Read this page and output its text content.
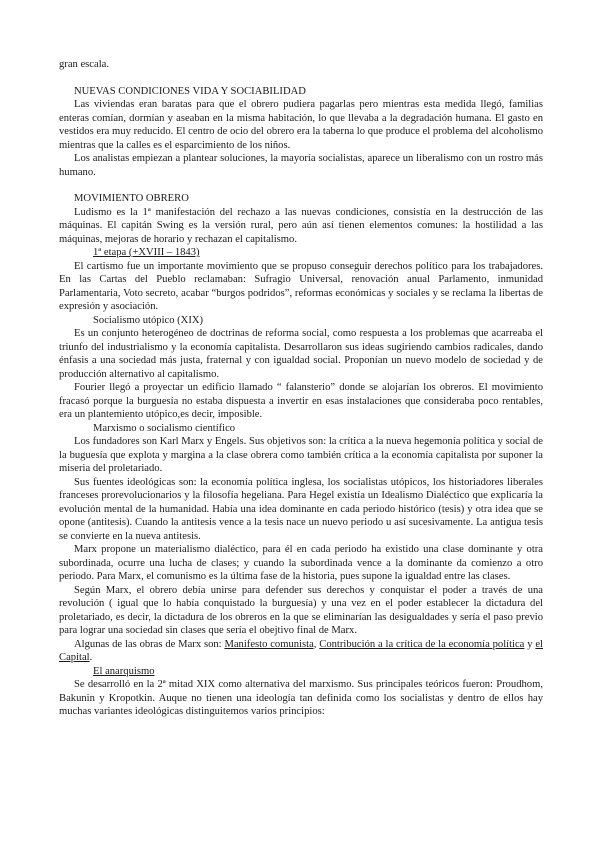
gran escala.

NUEVAS CONDICIONES VIDA Y SOCIABILIDAD

Las viviendas eran baratas para que el obrero pudiera pagarlas pero mientras esta medida llegó, familias enteras comían, dormían y aseaban en la misma habitación, lo que llevaba a la degradación humana. El gasto en vestidos era muy reducido. El centro de ocio del obrero era la taberna lo que produce el problema del alcoholismo mientras que la calles es el esparcimiento de los niños.

Los analistas empiezan a plantear soluciones, la mayoría socialistas, aparece un liberalismo con un rostro más humano.

MOVIMIENTO OBRERO

Ludismo es la 1ª manifestación del rechazo a las nuevas condiciones, consistía en la destrucción de las máquinas. El capitán Swing es la versión rural, pero aún así tienen elementos comunes: la hostilidad a las máquinas, mejoras de horario y rechazan el capitalismo.

1ª etapa (+XVIII – 1843)

El cartismo fue un importante movimiento que se propuso conseguir derechos político para los trabajadores. En las Cartas del Pueblo reclamaban: Sufragio Universal, renovación anual Parlamento, inmunidad Parlamentaria, Voto secreto, acabar “burgos podridos”, reformas económicas y sociales y se reclama la libertas de expresión y asociación.

Socialismo utópico (XIX)

Es un conjunto heterogéneo de doctrinas de reforma social, como respuesta a los problemas que acarreaba el triunfo del industrialismo y la economía capitalista. Desarrollaron sus ideas sugiriendo cambios radicales, dando énfasis a una sociedad más justa, fraternal y con igualdad social. Proponían un nuevo modelo de sociedad y de producción alternativo al capitalismo.

Fourier llegó a proyectar un edificio llamado “ falansterio” donde se alojarían los obreros. El movimiento fracasó porque la burguesía no estaba dispuesta a invertir en esas instalaciones que consideraba poco rentables, era un plantemiento utópico,es decir, imposible.

Marxismo o socialismo científico

Los fundadores son Karl Marx y Engels. Sus objetivos son: la crítica a la nueva hegemonía política y social de la buguesía que explota y margina a la clase obrera como también crítica a la economía capitalista por suponer la miseria del proletariado.

Sus fuentes ideológicas son: la economía política inglesa, los socialistas utópicos, los historiadores liberales franceses prorevolucionarios y la filosofía hegeliana. Para Hegel existía un Idealismo Dialéctico que explicaría la evolución mental de la humanidad. Había una idea dominante en cada periodo histórico (tesis) y otra idea que se opone (antitesis). Cuando la antitesis vence a la tesis nace un nuevo periodo u así sucesivamente. La antigua tesis se convierte en la nueva antitesis.

Marx propone un materialismo dialéctico, para él en cada periodo ha existido una clase dominante y otra subordinada, ocurre una lucha de clases; y cuando la subordinada vence a la dominante da comienzo a otro periodo. Para Marx, el comunismo es la última fase de la historia, pues supone la igualdad entre las clases.

Según Marx, el obrero debía unirse para defender sus derechos y conquistar el poder a través de una revolución ( igual que lo había conquistado la burguesía) y una vez en el poder establecer la dictadura del proletariado, es decir, la dictadura de los obreros en la que se eliminarían las desigualdades y sería el paso previo para lograr una sociedad sin clases que sería el obejtivo final de Marx.

Algunas de las obras de Marx son: Manifesto comunista, Contribución a la crítica de la economía política y el Capital.

El anarquismo

Se desarrolló en la 2ª mitad XIX como alternativa del marxismo. Sus principales teóricos fueron: Proudhom, Bakunin y Kropotkin. Auque no tienen una ideología tan definida como los socialistas y dentro de ellos hay muchas variantes ideológicas distinguitemos varios principios:
